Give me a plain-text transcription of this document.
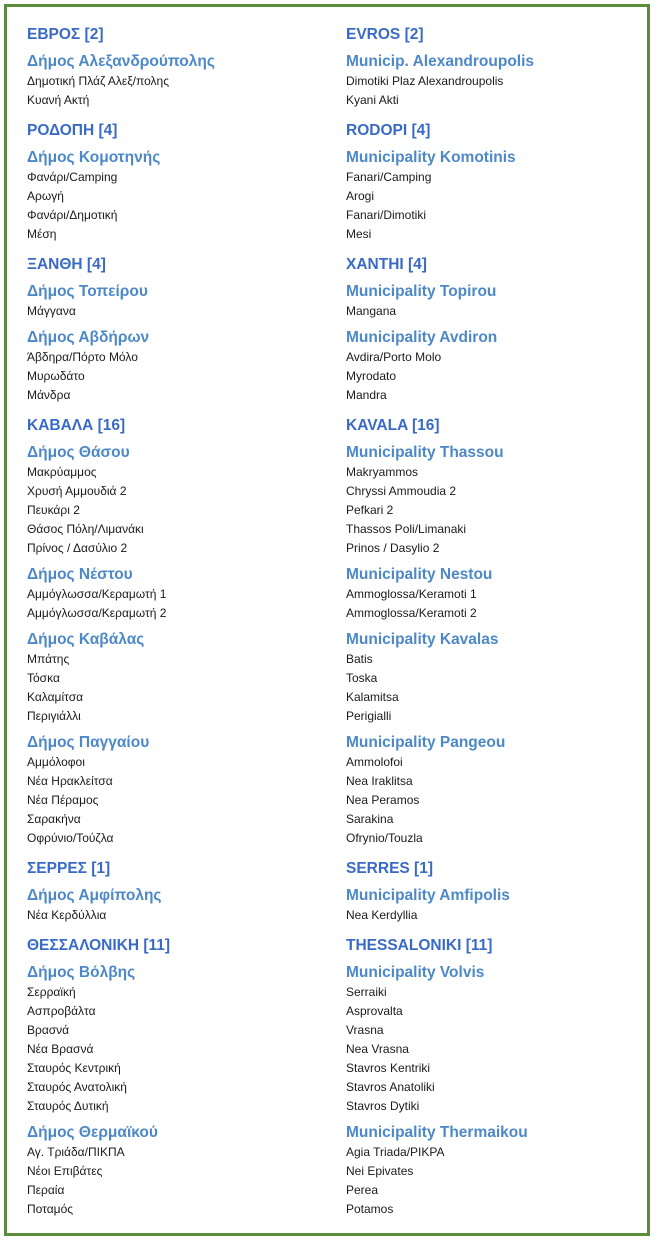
ΕΒΡΟΣ [2]
Δήμος Αλεξανδρούπολης
Δημοτική Πλάζ Αλεξ/πολης
Κυανή Ακτή
ΡΟΔΟΠΗ [4]
Δήμος Κομοτηνής
Φανάρι/Camping
Αρωγή
Φανάρι/Δημοτική
Μέση
ΞΑΝΘΗ [4]
Δήμος Τοπείρου
Μάγγανα
Δήμος Αβδήρων
Άβδηρα/Πόρτο Μόλο
Μυρωδάτο
Μάνδρα
ΚΑΒΑΛΑ [16]
Δήμος Θάσου
Μακρύαμμος
Χρυσή Αμμουδιά 2
Πευκάρι 2
Θάσος Πόλη/Λιμανάκι
Πρίνος / Δασύλιο 2
Δήμος Νέστου
Αμμόγλωσσα/Κεραμωτή 1
Αμμόγλωσσα/Κεραμωτή 2
Δήμος Καβάλας
Μπάτης
Τόσκα
Καλαμίτσα
Περιγιάλλι
Δήμος Παγγαίου
Αμμόλοφοι
Νέα Ηρακλείτσα
Νέα Πέραμος
Σαρακήνα
Οφρύνιο/Τούζλα
ΣΕΡΡΕΣ [1]
Δήμος Αμφίπολης
Νέα Κερδύλλια
ΘΕΣΣΑΛΟΝΙΚΗ [11]
Δήμος Βόλβης
Σερραϊκή
Ασπροβάλτα
Βρασνά
Νέα Βρασνά
Σταυρός Κεντρική
Σταυρός Ανατολική
Σταυρός Δυτική
Δήμος Θερμαϊκού
Αγ. Τριάδα/ΠΙΚΠΑ
Νέοι Επιβάτες
Περαία
Ποταμός
EVROS [2]
Municip. Alexandroupolis
Dimotiki Plaz Alexandroupolis
Kyani Akti
RODOPI [4]
Municipality Komotinis
Fanari/Camping
Arogi
Fanari/Dimotiki
Mesi
XANTHI [4]
Municipality Topirou
Mangana
Municipality Avdiron
Avdira/Porto Molo
Myrodato
Mandra
KAVALA [16]
Municipality Thassou
Makryammos
Chryssi Ammoudia 2
Pefkari 2
Thassos Poli/Limanaki
Prinos / Dasylio 2
Municipality Nestou
Ammoglossa/Keramoti 1
Ammoglossa/Keramoti 2
Municipality Kavalas
Batis
Toska
Kalamitsa
Perigialli
Municipality Pangeou
Ammolofoi
Nea Iraklitsa
Nea Peramos
Sarakina
Ofrynio/Touzla
SERRES [1]
Municipality Amfipolis
Nea Kerdyllia
THESSALONIKI [11]
Municipality Volvis
Serraiki
Asprovalta
Vrasna
Nea Vrasna
Stavros Kentriki
Stavros Anatoliki
Stavros Dytiki
Municipality Thermaikou
Agia Triada/PIKPA
Nei Epivates
Perea
Potamos
